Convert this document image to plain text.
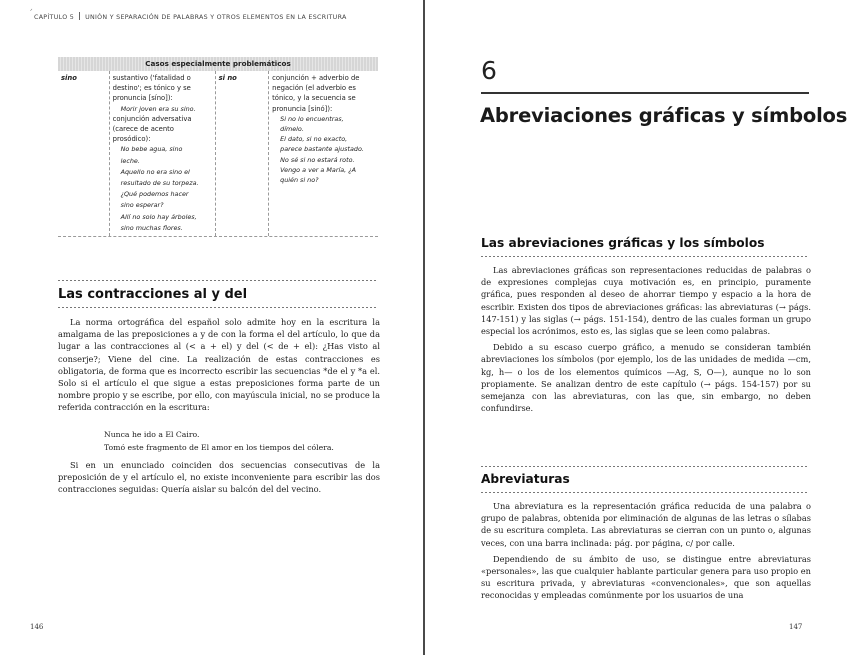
ᐟ
CAPÍTULO 5 UNIÓN Y SEPARACIÓN DE PALABRAS Y OTROS ELEMENTOS EN LA ESCRITURA
Casos especialmente problemáticos
sino	sustantivo ('fatalidad o
destino'; es tónico y se
pronuncia [síno]):
Morir joven era su sino.
conjunción adversativa
(carece de acento
prosódico):
No bebe agua, sino
leche.
Aquello no era sino el
resultado de su torpeza.
¿Qué podemos hacer
sino esperar?
Allí no solo hay árboles,
sino muchas flores.
si no	conjunción + adverbio de
negación (el adverbio es
tónico, y la secuencia se
pronuncia [sinó]):
Si no lo encuentras,
dímelo.
El dato, si no exacto,
parece bastante ajustado.
No sé si no estará roto.
Vengo a ver a María, ¿A
quién si no?
Las contracciones al y del

La norma ortográfica del español solo admite hoy en la escritura la amalgama de las preposiciones a y de con la forma el del artículo, lo que da lugar a las contracciones al (< a + el) y del (< de + el): ¿Has visto al conserje?; Viene del cine. La realización de estas contracciones es obligatoria, de forma que es incorrecto escribir las secuencias *de el y *a el. Solo si el artículo el que sigue a estas preposiciones forma parte de un nombre propio y se escribe, por ello, con mayúscula inicial, no se produce la referida contracción en la escritura:

Nunca he ido a El Cairo.
Tomó este fragmento de El amor en los tiempos del cólera.

Si en un enunciado coinciden dos secuencias consecutivas de la preposición de y el artículo el, no existe inconveniente para escribir las dos contracciones seguidas: Quería aislar su balcón del del vecino.

146
6
Abreviaciones gráficas y símbolos
Las abreviaciones gráficas y los símbolos

Las abreviaciones gráficas son representaciones reducidas de palabras o de expresiones complejas cuya motivación es, en principio, puramente gráfica, pues responden al deseo de ahorrar tiempo y espacio a la hora de escribir. Existen dos tipos de abreviaciones gráficas: las abreviaturas (→ págs. 147-151) y las siglas (→ págs. 151-154), dentro de las cuales forman un grupo especial los acrónimos, esto es, las siglas que se leen como palabras.

Debido a su escaso cuerpo gráfico, a menudo se consideran también abreviaciones los símbolos (por ejemplo, los de las unidades de medida —cm, kg, h— o los de los elementos químicos —Ag, S, O—), aunque no lo son propiamente. Se analizan dentro de este capítulo (→ págs. 154-157) por su semejanza con las abreviaturas, con las que, sin embargo, no deben confundirse.

Abreviaturas

Una abreviatura es la representación gráfica reducida de una palabra o grupo de palabras, obtenida por eliminación de algunas de las letras o sílabas de su escritura completa. Las abreviaturas se cierran con un punto o, algunas veces, con una barra inclinada: pág. por página, c/ por calle.

Dependiendo de su ámbito de uso, se distingue entre abreviaturas «personales», las que cualquier hablante particular genera para uso propio en su escritura privada, y abreviaturas «convencionales», que son aquellas reconocidas y empleadas comúnmente por los usuarios de una

147
